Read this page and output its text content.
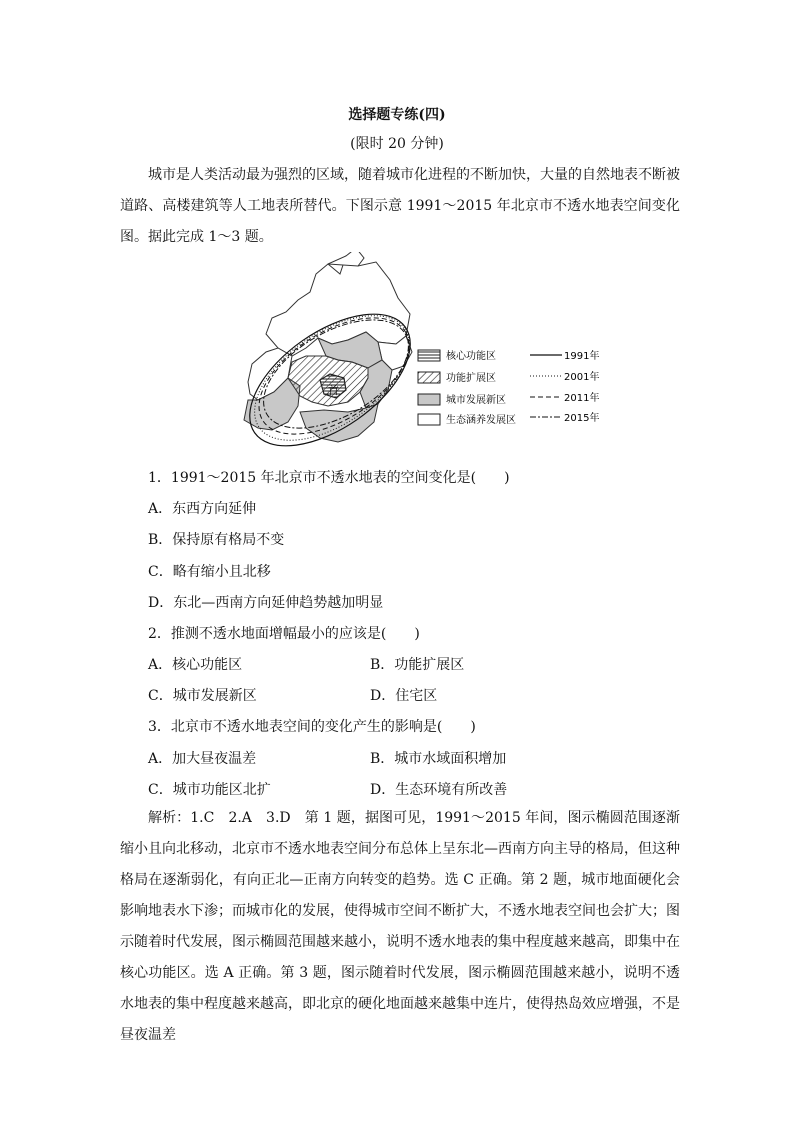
选择题专练(四)
(限时 20 分钟)
城市是人类活动最为强烈的区域，随着城市化进程的不断加快，大量的自然地表不断被道路、高楼建筑等人工地表所替代。下图示意 1991～2015 年北京市不透水地表空间变化图。据此完成 1～3 题。
首
核心功能区
功能扩展区
城市发展新区
生态涵养发展区
1991年
2001年
2011年
2015年
1．1991～2015 年北京市不透水地表的空间变化是(　　)
A．东西方向延伸
B．保持原有格局不变
C．略有缩小且北移
D．东北—西南方向延伸趋势越加明显
2．推测不透水地面增幅最小的应该是(　　)
A．核心功能区	B．功能扩展区
C．城市发展新区	D．住宅区
3．北京市不透水地表空间的变化产生的影响是(　　)
A．加大昼夜温差	B．城市水域面积增加
C．城市功能区北扩	D．生态环境有所改善
解析：1.C　2.A　3.D　第 1 题，据图可见，1991～2015 年间，图示椭圆范围逐渐缩小且向北移动，北京市不透水地表空间分布总体上呈东北—西南方向主导的格局，但这种格局在逐渐弱化，有向正北—正南方向转变的趋势。选 C 正确。第 2 题，城市地面硬化会影响地表水下渗；而城市化的发展，使得城市空间不断扩大，不透水地表空间也会扩大；图示随着时代发展，图示椭圆范围越来越小，说明不透水地表的集中程度越来越高，即集中在核心功能区。选 A 正确。第 3 题，图示随着时代发展，图示椭圆范围越来越小，说明不透水地表的集中程度越来越高，即北京的硬化地面越来越集中连片，使得热岛效应增强，不是昼夜温差
